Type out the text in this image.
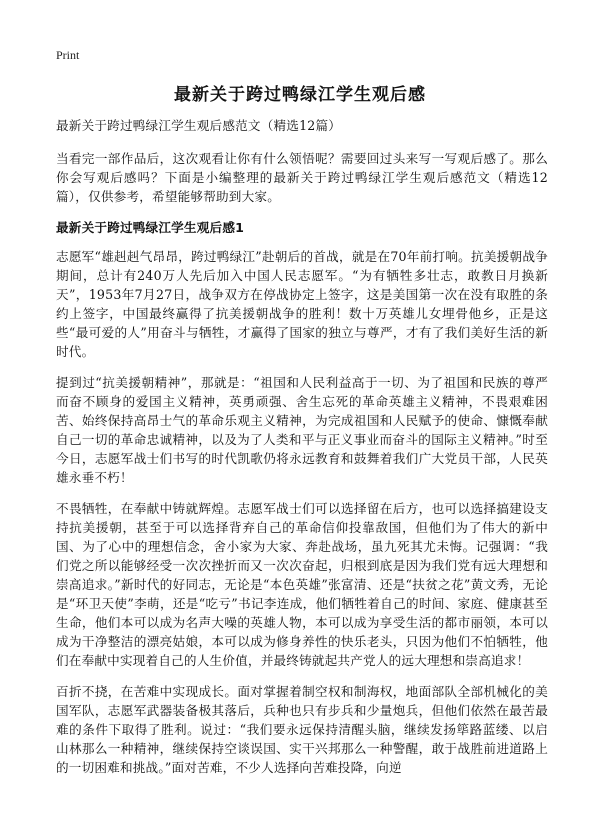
Print
最新关于跨过鸭绿江学生观后感

最新关于跨过鸭绿江学生观后感范文（精选12篇）

当看完一部作品后，这次观看让你有什么领悟呢？需要回过头来写一写观后感了。那么你会写观后感吗？下面是小编整理的最新关于跨过鸭绿江学生观后感范文（精选12篇），仅供参考，希望能够帮助到大家。

最新关于跨过鸭绿江学生观后感1

志愿军“雄赳赳气昂昂，跨过鸭绿江”赴朝后的首战，就是在70年前打响。抗美援朝战争期间，总计有240万人先后加入中国人民志愿军。“为有牺牲多壮志，敢教日月换新天”，1953年7月27日，战争双方在停战协定上签字，这是美国第一次在没有取胜的条约上签字，中国最终赢得了抗美援朝战争的胜利！数十万英雄儿女埋骨他乡，正是这些“最可爱的人”用奋斗与牺牲，才赢得了国家的独立与尊严，才有了我们美好生活的新时代。

提到过“抗美援朝精神”，那就是：“祖国和人民利益高于一切、为了祖国和民族的尊严而奋不顾身的爱国主义精神，英勇顽强、舍生忘死的革命英雄主义精神，不畏艰难困苦、始终保持高昂士气的革命乐观主义精神，为完成祖国和人民赋予的使命、慷慨奉献自己一切的革命忠诚精神，以及为了人类和平与正义事业而奋斗的国际主义精神。”时至今日，志愿军战士们书写的时代凯歌仍将永远教育和鼓舞着我们广大党员干部，人民英雄永垂不朽！

不畏牺牲，在奉献中铸就辉煌。志愿军战士们可以选择留在后方，也可以选择搞建设支持抗美援朝，甚至于可以选择背弃自己的革命信仰投靠敌国，但他们为了伟大的新中国、为了心中的理想信念，舍小家为大家、奔赴战场，虽九死其尤未悔。记强调：“我们党之所以能够经受一次次挫折而又一次次奋起，归根到底是因为我们党有远大理想和崇高追求。”新时代的好同志，无论是“本色英雄”张富清、还是“扶贫之花”黄文秀，无论是“环卫天使”李萌，还是“吃亏”书记李连成，他们牺牲着自己的时间、家庭、健康甚至生命，他们本可以成为名声大噪的英雄人物，本可以成为享受生活的都市丽领，本可以成为干净整洁的漂亮姑娘，本可以成为修身养性的快乐老头，只因为他们不怕牺牲，他们在奉献中实现着自己的人生价值，并最终铸就起共产党人的远大理想和崇高追求！

百折不挠，在苦难中实现成长。面对掌握着制空权和制海权，地面部队全部机械化的美国军队，志愿军武器装备极其落后，兵种也只有步兵和少量炮兵，但他们依然在最苦最难的条件下取得了胜利。说过：“我们要永远保持清醒头脑，继续发扬筚路蓝缕、以启山林那么一种精神，继续保持空谈误国、实干兴邦那么一种警醒，敢于战胜前进道路上的一切困难和挑战。”面对苦难，不少人选择向苦难投降，向逆
